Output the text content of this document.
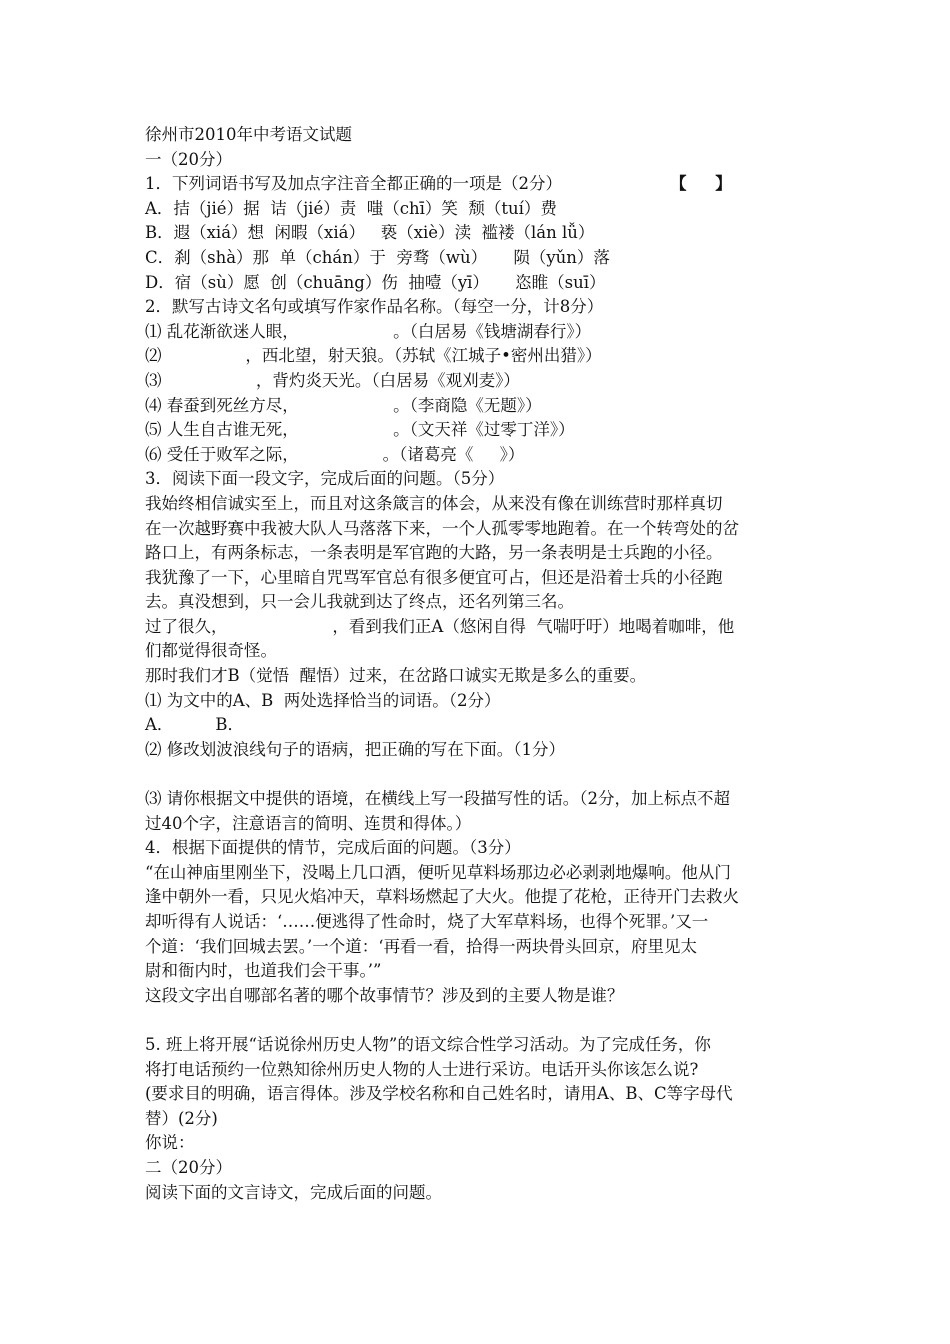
徐州市2010年中考语文试题
一（20分）
1．下列词语书写及加点字注音全都正确的一项是（2分）	【     】
A．拮（jié）据  诘（jié）责  嗤（chī）笑  颓（tuí）费
B．遐（xiá）想  闲暇（xiá）   亵（xiè）渎  褴褛（lán lǚ）
C．刹（shà）那  单（chán）于  旁骛（wù）     陨（yǔn）落
D．宿（sù）愿  创（chuāng）伤  抽噎（yī）     恣睢（suī）
2．默写古诗文名句或填写作家作品名称。（每空一分，计8分）
⑴ 乱花渐欲迷人眼，                  。（白居易《钱塘湖春行》）
⑵                ，西北望，射天狼。（苏轼《江城子•密州出猎》）
⑶                  ，背灼炎天光。（白居易《观刈麦》）
⑷ 春蚕到死丝方尽，                  。（李商隐《无题》）
⑸ 人生自古谁无死，                  。（文天祥《过零丁洋》）
⑹ 受任于败军之际，                。（诸葛亮《     》）
3．阅读下面一段文字，完成后面的问题。（5分）
我始终相信诚实至上，而且对这条箴言的体会，从来没有像在训练营时那样真切
在一次越野赛中我被大队人马落落下来，一个人孤零零地跑着。在一个转弯处的岔
路口上，有两条标志，一条表明是军官跑的大路，另一条表明是士兵跑的小径。
我犹豫了一下，心里暗自咒骂军官总有很多便宜可占，但还是沿着士兵的小径跑
去。真没想到，只一会儿我就到达了终点，还名列第三名。
过了很久，                    ，看到我们正A（悠闲自得  气喘吁吁）地喝着咖啡，他
们都觉得很奇怪。
那时我们才B（觉悟  醒悟）过来，在岔路口诚实无欺是多么的重要。
⑴ 为文中的A、B  两处选择恰当的词语。（2分）
A．        B．
⑵ 修改划波浪线句子的语病，把正确的写在下面。（1分）
⑶ 请你根据文中提供的语境，在横线上写一段描写性的话。（2分，加上标点不超
过40个字，注意语言的简明、连贯和得体。）
4．根据下面提供的情节，完成后面的问题。（3分）
“在山神庙里刚坐下，没喝上几口酒，便听见草料场那边必必剥剥地爆响。他从门
逢中朝外一看，只见火焰冲天，草料场燃起了大火。他提了花枪，正待开门去救火
却听得有人说话：‘……便逃得了性命时，烧了大军草料场，也得个死罪。’又一
个道：‘我们回城去罢。’一个道：‘再看一看，拾得一两块骨头回京，府里见太
尉和衙内时，也道我们会干事。’”
这段文字出自哪部名著的哪个故事情节？涉及到的主要人物是谁？
5. 班上将开展“话说徐州历史人物”的语文综合性学习活动。为了完成任务，你
将打电话预约一位熟知徐州历史人物的人士进行采访。电话开头你该怎么说?
(要求目的明确，语言得体。涉及学校名称和自己姓名时，请用A、B、C等字母代
替）(2分)
你说：
二（20分）
阅读下面的文言诗文，完成后面的问题。
